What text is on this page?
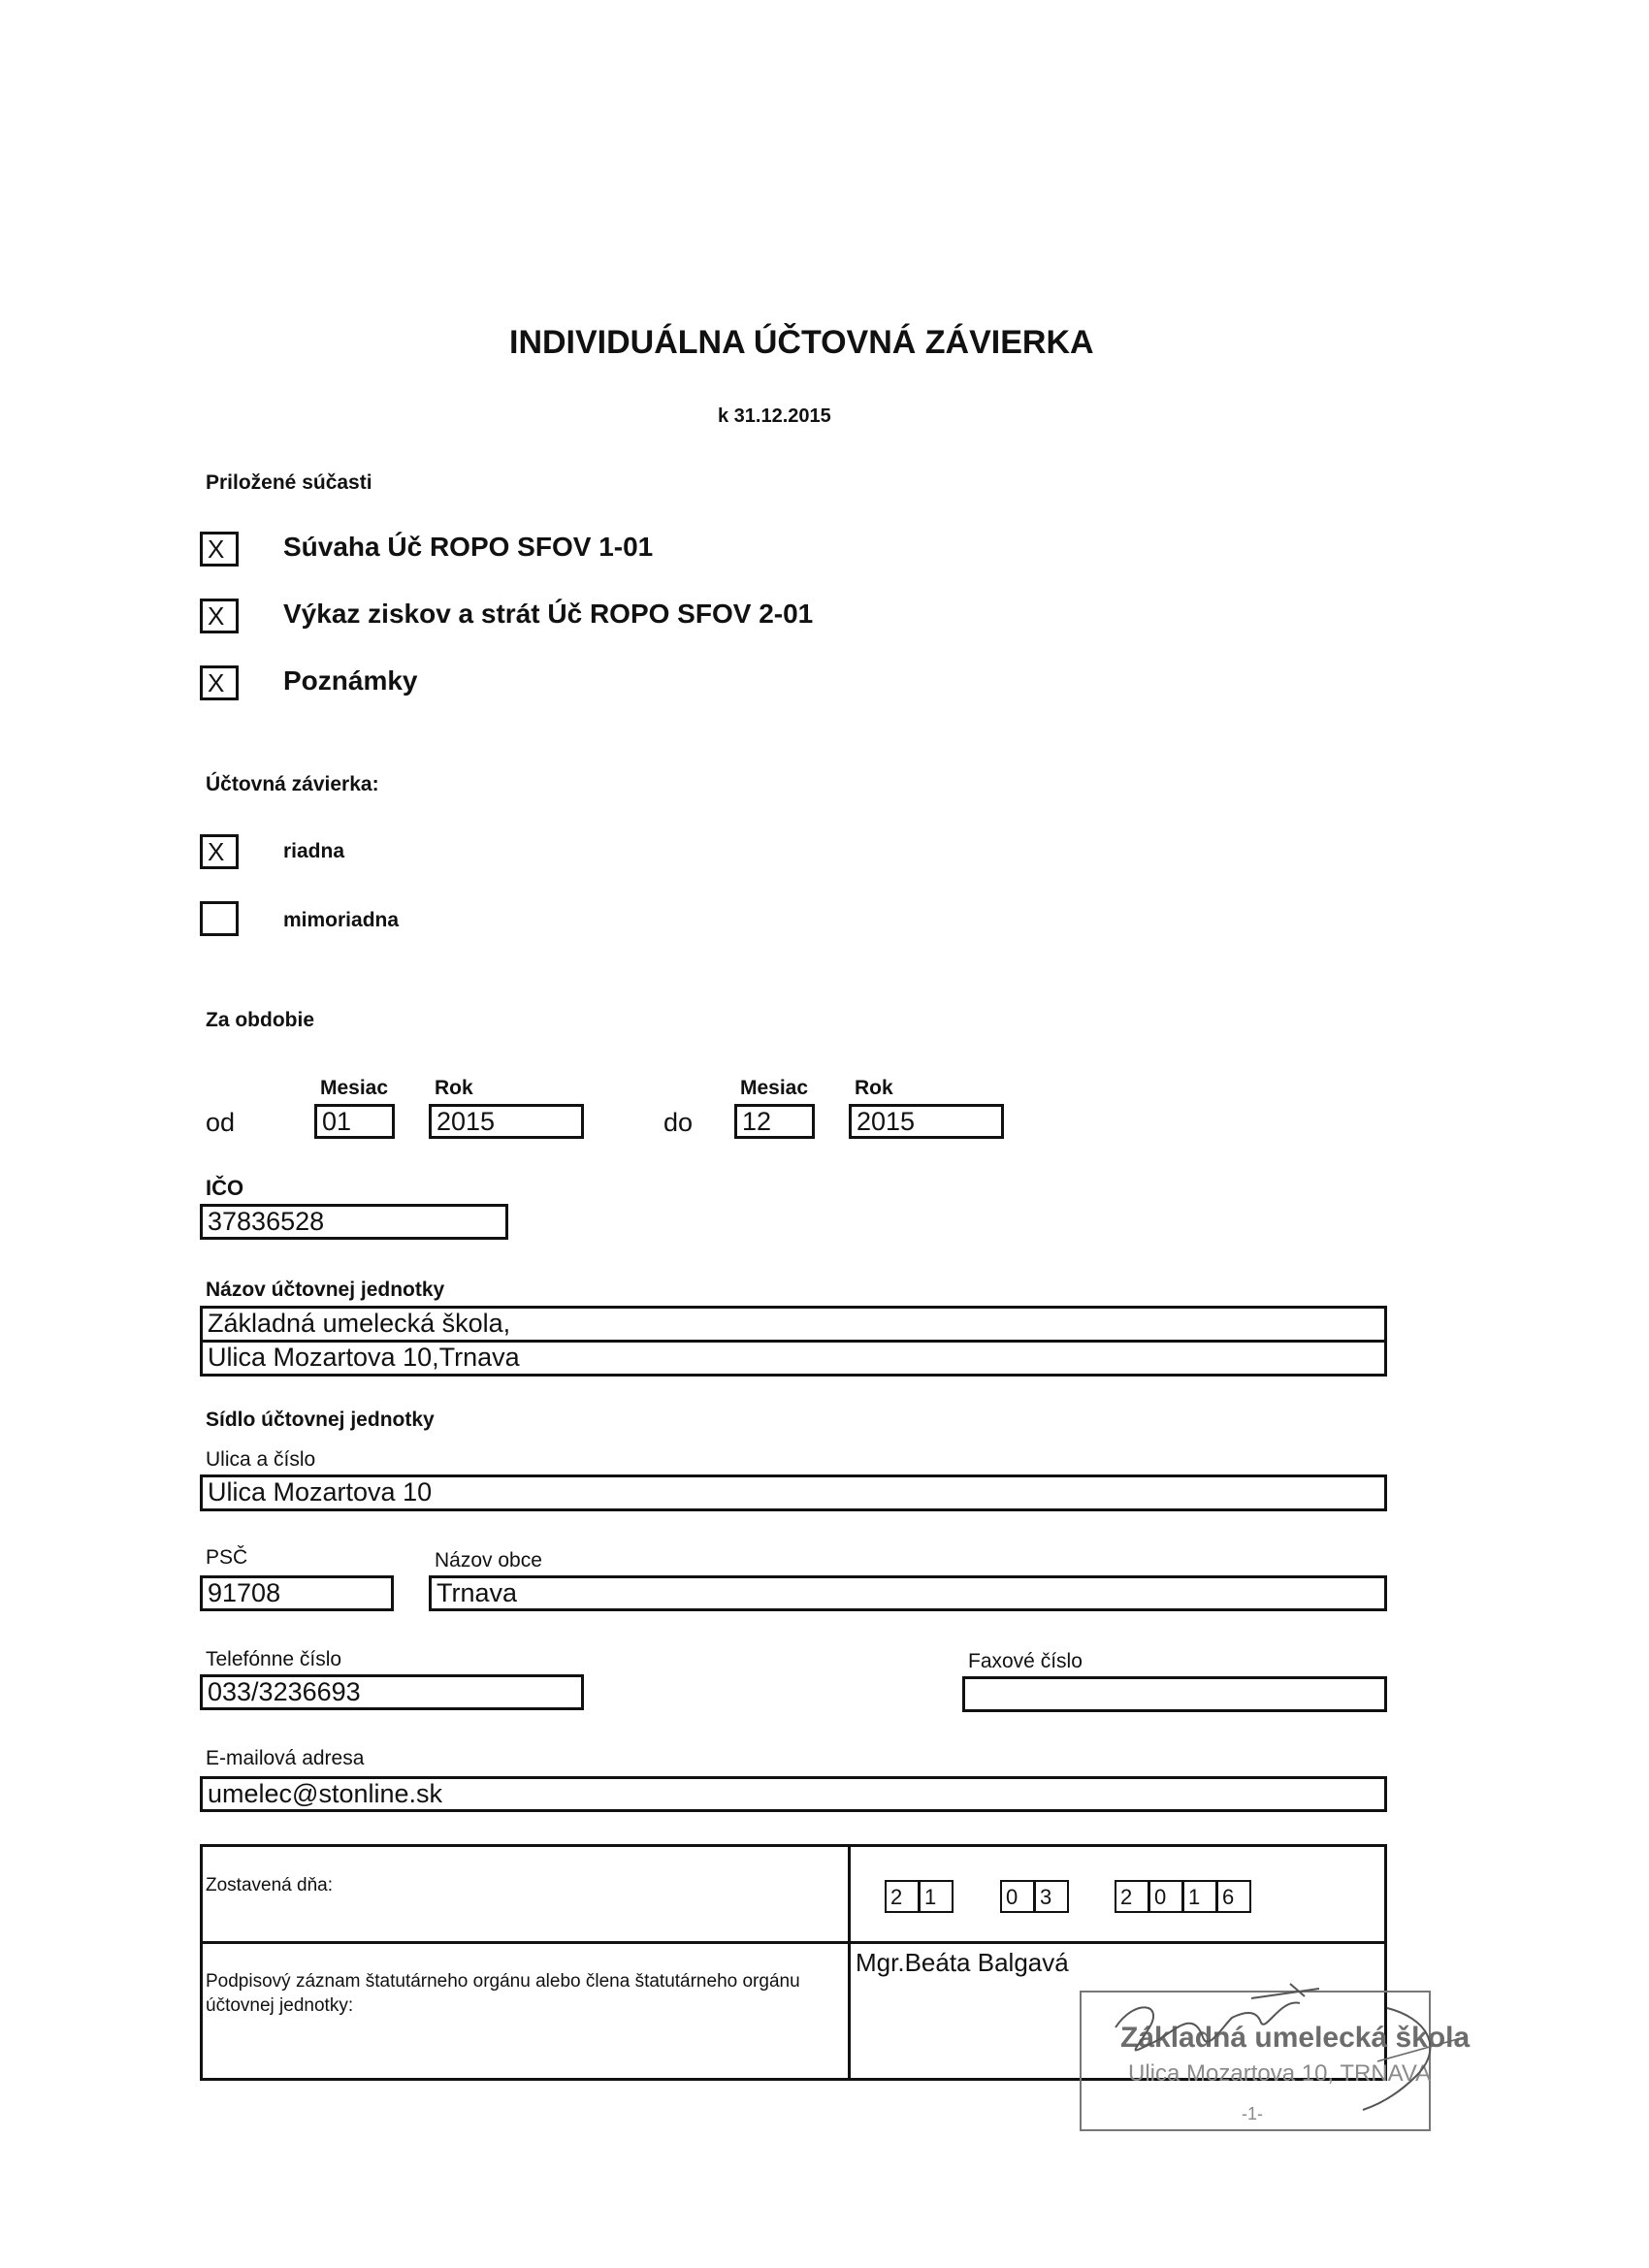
INDIVIDUÁLNA ÚČTOVNÁ ZÁVIERKA
k 31.12.2015
Priložené súčasti
X	Súvaha Úč ROPO SFOV 1-01
X	Výkaz ziskov a strát Úč ROPO SFOV 2-01
X	Poznámky
Účtovná závierka:
X	riadna
mimoriadna
Za obdobie
Mesiac Rok	Mesiac Rok
od	01	2015	do 12	2015
IČO
37836528
Názov účtovnej jednotky
Základná umelecká škola,
Ulica Mozartova 10,Trnava
Sídlo účtovnej jednotky
Ulica a číslo
Ulica Mozartova 10
PSČ	Názov obce
91708	Trnava
Telefónne číslo	Faxové číslo
033/3236693
E-mailová adresa
umelec@stonline.sk
Zostavená dňa:	2	1	0	3	2	0	1	6
Podpisový záznam štatutárneho orgánu alebo člena štatutárneho orgánu účtovnej jednotky:
Mgr.Beáta Balgavá
Základná umelecká škola
Ulica Mozartova 10, TRNAVA
-1-
